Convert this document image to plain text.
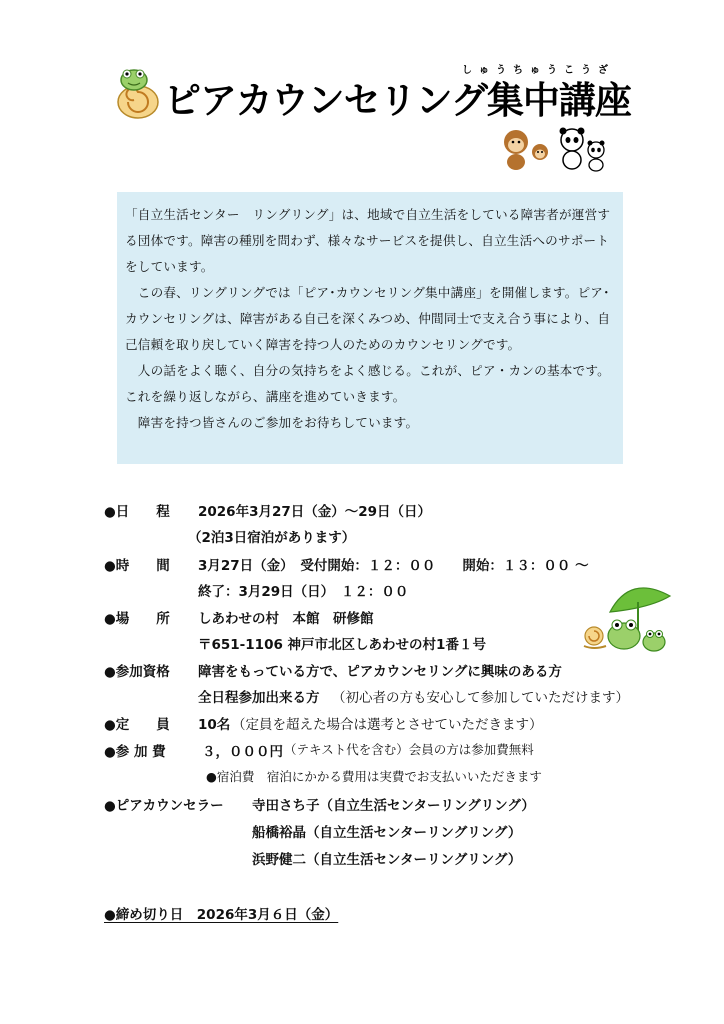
しゅうちゅうこうざ
ピアカウンセリング集中講座

「自立生活センター　リングリング」は、地域で自立生活をしている障害者が運営する団体です。障害の種別を問わず、様々なサービスを提供し、自立生活へのサポートをしています。

　この春、リングリングでは「ピア･カウンセリング集中講座」を開催します。ピア･カウンセリングは、障害がある自己を深くみつめ、仲間同士で支え合う事により、自己信頼を取り戻していく障害を持つ人のためのカウンセリングです。

　人の話をよく聴く、自分の気持ちをよく感じる。これが、ピア・カンの基本です。これを繰り返しながら、講座を進めていきます。

　障害を持つ皆さんのご参加をお待ちしています。

●日　　程 2026年3月27日（金）～29日（日）
（2泊3日宿泊があります）
●時　　間 3月27日（金）　受付開始：１２：００　　開始：１３：００ ～
終了：3月29日（日）　１２：００
●場　　所 しあわせの村　本館　研修館
〒651-1106 神戸市北区しあわせの村1番１号
●参加資格 障害をもっている方で、ピアカウンセリングに興味のある方
全日程参加出来る方 （初心者の方も安心して参加していただけます）
●定　　員 10名 （定員を超えた場合は選考とさせていただきます）
●参 加 費	３，０００円 （テキスト代を含む）会員の方は参加費無料
●宿泊費　宿泊にかかる費用は実費でお支払いいただきます
●ピアカウンセラー 寺田さち子（自立生活センターリングリング）
船橋裕晶（自立生活センターリングリング）
浜野健二（自立生活センターリングリング）
●締め切り日　2026年3月６日（金）
